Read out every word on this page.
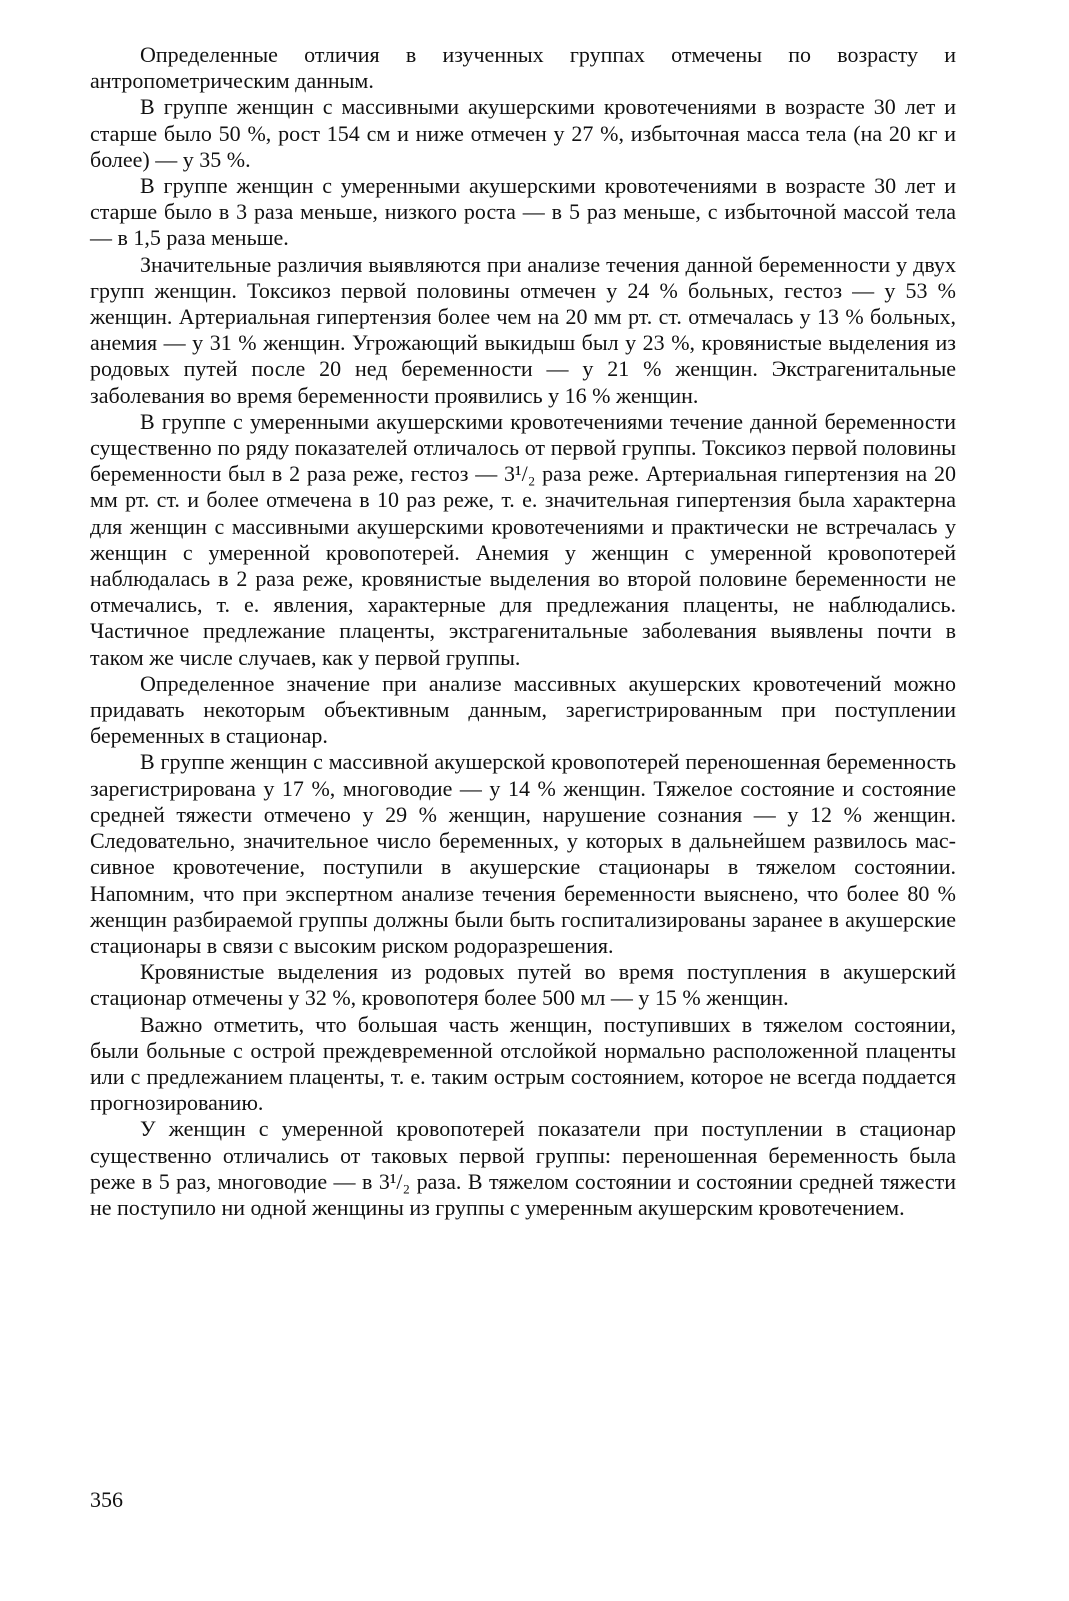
Определенные отличия в изученных группах отмечены по возрасту и антропометрическим данным.

В группе женщин с массивными акушерскими кровотечениями в возрасте 30 лет и старше было 50 %, рост 154 см и ниже отмечен у 27 %, избыточная масса тела (на 20 кг и более) — у 35 %.

В группе женщин с умеренными акушерскими кровотечениями в возрасте 30 лет и старше было в 3 раза меньше, низкого роста — в 5 раз меньше, с избыточной массой тела — в 1,5 раза меньше.

Значительные различия выявляются при анализе течения данной беременности у двух групп женщин. Токсикоз первой половины отмечен у 24 % больных, гестоз — у 53 % женщин. Артериальная гипертензия более чем на 20 мм рт. ст. отмечалась у 13 % больных, анемия — у 31 % женщин. Угрожающий выкидыш был у 23 %, кровянистые выделения из родовых путей после 20 нед беременности — у 21 % женщин. Экстрагенитальные заболевания во время беременности проявились у 16 % женщин.

В группе с умеренными акушерскими кровотечениями течение данной беременности существенно по ряду показателей отличалось от первой группы. Токсикоз первой половины беременности был в 2 раза реже, гестоз — 3¹/₂ раза реже. Артериальная гипертензия на 20 мм рт. ст. и более отмечена в 10 раз реже, т. е. значительная гипертензия была характерна для женщин с массивными акушерскими кровотечениями и практически не встречалась у женщин с умеренной кровопотерей. Анемия у женщин с умеренной кровопотерей наблюдалась в 2 раза реже, кровянистые выделения во второй половине беременности не отмечались, т. е. явления, характерные для предлежания плаценты, не наблюдались. Частичное предлежание плаценты, экстрагенитальные заболевания выявлены почти в таком же числе случаев, как у первой группы.

Определенное значение при анализе массивных акушерских кровотечений можно придавать некоторым объективным данным, зарегистрированным при поступлении беременных в стационар.

В группе женщин с массивной акушерской кровопотерей переношенная беременность зарегистрирована у 17 %, многоводие — у 14 % женщин. Тяжелое состояние и состояние средней тяжести отмечено у 29 % женщин, нарушение сознания — у 12 % женщин. Следовательно, значительное число беременных, у которых в дальнейшем развилось массивное кровотечение, поступили в акушерские стационары в тяжелом состоянии. Напомним, что при экспертном анализе течения беременности выяснено, что более 80 % женщин разбираемой группы должны были быть госпитализированы заранее в акушерские стационары в связи с высоким риском родоразрешения.

Кровянистые выделения из родовых путей во время поступления в акушерский стационар отмечены у 32 %, кровопотеря более 500 мл — у 15 % женщин.

Важно отметить, что большая часть женщин, поступивших в тяжелом состоянии, были больные с острой преждевременной отслойкой нормально расположенной плаценты или с предлежанием плаценты, т. е. таким острым состоянием, которое не всегда поддается прогнозированию.

У женщин с умеренной кровопотерей показатели при поступлении в стационар существенно отличались от таковых первой группы: переношенная беременность была реже в 5 раз, многоводие — в 3¹/₂ раза. В тяжелом состоянии и состоянии средней тяжести не поступило ни одной женщины из группы с умеренным акушерским кровотечением.

356
